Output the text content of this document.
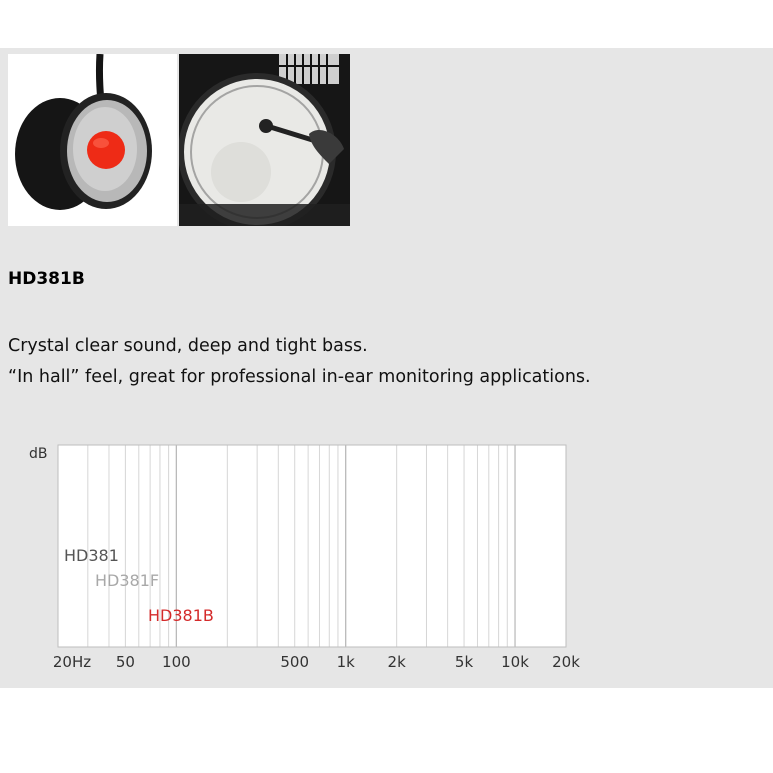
HD381B
Crystal clear sound, deep and tight bass.
“In hall” feel, great for professional in-ear monitoring applications.
20Hz 50 100	500 1k 2k	5k 10k 20k
HD381
HD381F
HD381B
dB
